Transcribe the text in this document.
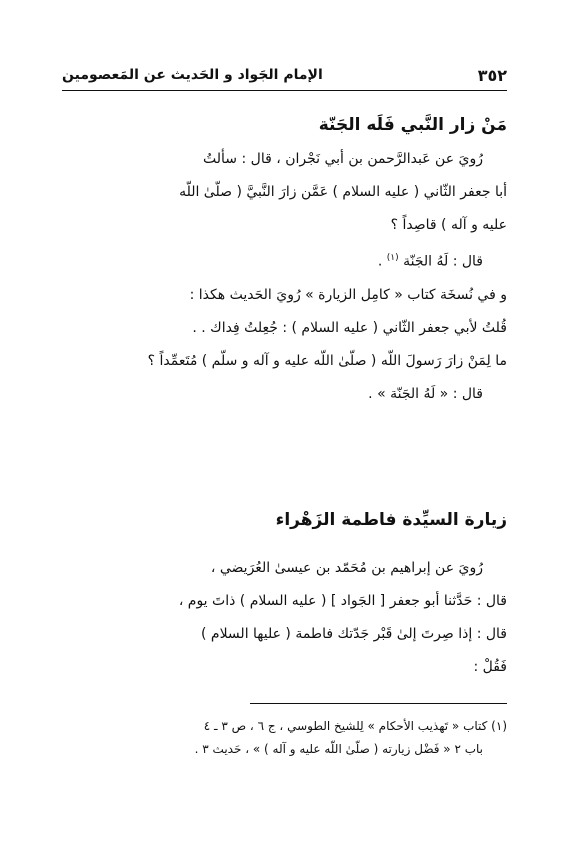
٣٥٢
الإمام الجَواد و الحَديث عن المَعصومين

مَنْ زار النَّبي فَلَه الجَنّة

رُويَ عن عَبدالرَّحمن بن أبي نَجْران ، قال : سألتُ

أبا جعفر الثّاني ( عليه السلام ) عَمَّن زارَ النَّبيَّ ( صلّىٰ اللّه

عليه و آله ) قاصِداً ؟

قال : لَهُ الجَنّة $^{(١)}$ .

و في نُسخَة كتاب « كامِل الزيارة » رُويَ الحَديث هكذا :

قُلتُ لأبي جعفر الثّاني ( عليه السلام ) : جُعِلتُ فِداك . .

ما لِمَنْ زارَ رَسولَ اللّه ( صلّىٰ اللّه عليه و آله و سلّم ) مُتَعمِّداً ؟

قال : « لَهُ الجَنّة » .

زيارة السيِّدة فاطمة الزَهْراء

رُويَ عن إبراهيم بن مُحَمّد بن عيسىٰ العُرَيضي ،

قال : حَدَّثنا أبو جعفر [ الجَواد ] ( عليه السلام ) ذاتَ يوم ،

قال : إذا صِرتَ إلىٰ قَبْر جَدّتك فاطمة ( عليها السلام )

فَقُلْ :

(١) كتاب « تَهذيب الأحكام » لِلشيخ الطوسي ، ج ٦ ، ص ٣ ـ ٤

باب ٢ « فَضْل زيارته ( صلّىٰ اللّه عليه و آله ) » ، حَديث ٣ .
